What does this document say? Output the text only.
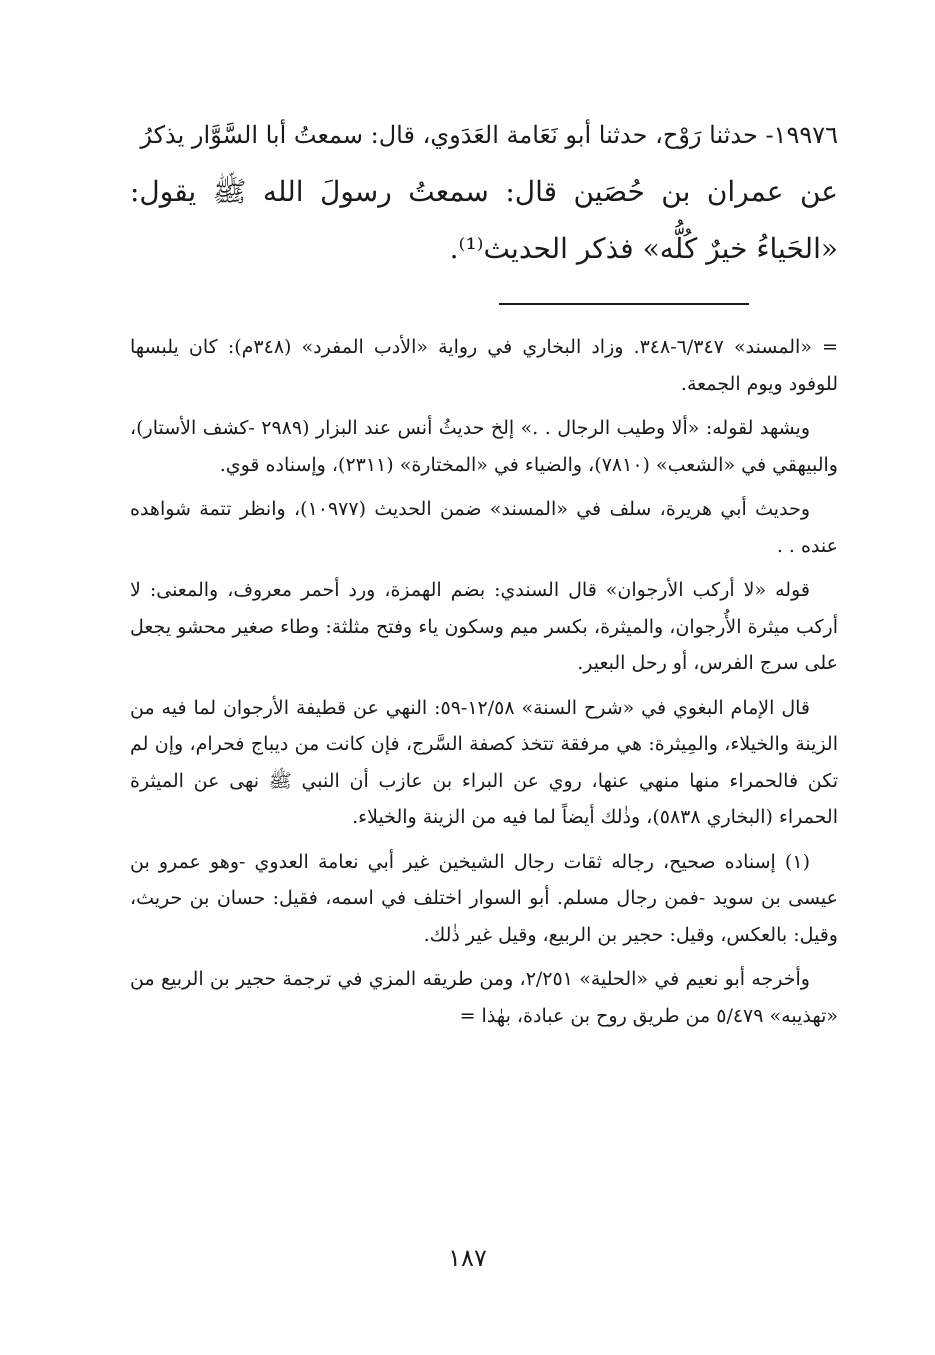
١٩٩٧٦- حدثنا رَوْح، حدثنا أبو نَعَامة العَدَوي، قال: سمعتُ أبا السَّوَّار يذكرُ

عن عمران بن حُصَين قال: سمعتُ رسولَ الله ﷺ يقول: «الحَياءُ خيرٌ كُلُّه» فذكر الحديث⁽¹⁾.

= «المسند» ٦/٣٤٧-٣٤٨. وزاد البخاري في رواية «الأدب المفرد» (٣٤٨م): كان يلبسها للوفود ويوم الجمعة.

ويشهد لقوله: «ألا وطيب الرجال . .» إلخ حديثُ أنس عند البزار (٢٩٨٩ -كشف الأستار)، والبيهقي في «الشعب» (٧٨١٠)، والضياء في «المختارة» (٢٣١١)، وإسناده قوي.

وحديث أبي هريرة، سلف في «المسند» ضمن الحديث (١٠٩٧٧)، وانظر تتمة شواهده عنده . .

قوله «لا أركب الأرجوان» قال السندي: بضم الهمزة، ورد أحمر معروف، والمعنى: لا أركب ميثرة الأُرجوان، والميثرة، بكسر ميم وسكون ياء وفتح مثلثة: وطاء صغير محشو يجعل على سرج الفرس، أو رحل البعير.

قال الإمام البغوي في «شرح السنة» ١٢/٥٨-٥٩: النهي عن قطيفة الأرجوان لما فيه من الزينة والخيلاء، والمِيثرة: هي مرفقة تتخذ كصفة السَّرج، فإن كانت من ديباج فحرام، وإن لم تكن فالحمراء منها منهي عنها، روي عن البراء بن عازب أن النبي ﷺ نهى عن الميثرة الحمراء (البخاري ٥٨٣٨)، وذٰلك أيضاً لما فيه من الزينة والخيلاء.

(١) إسناده صحيح، رجاله ثقات رجال الشيخين غير أبي نعامة العدوي -وهو عمرو بن عيسى بن سويد -فمن رجال مسلم. أبو السوار اختلف في اسمه، فقيل: حسان بن حريث، وقيل: بالعكس، وقيل: حجير بن الربيع، وقيل غير ذٰلك.

وأخرجه أبو نعيم في «الحلية» ٢/٢٥١، ومن طريقه المزي في ترجمة حجير بن الربيع من «تهذيبه» ٥/٤٧٩ من طريق روح بن عبادة، بهٰذا =

١٨٧
